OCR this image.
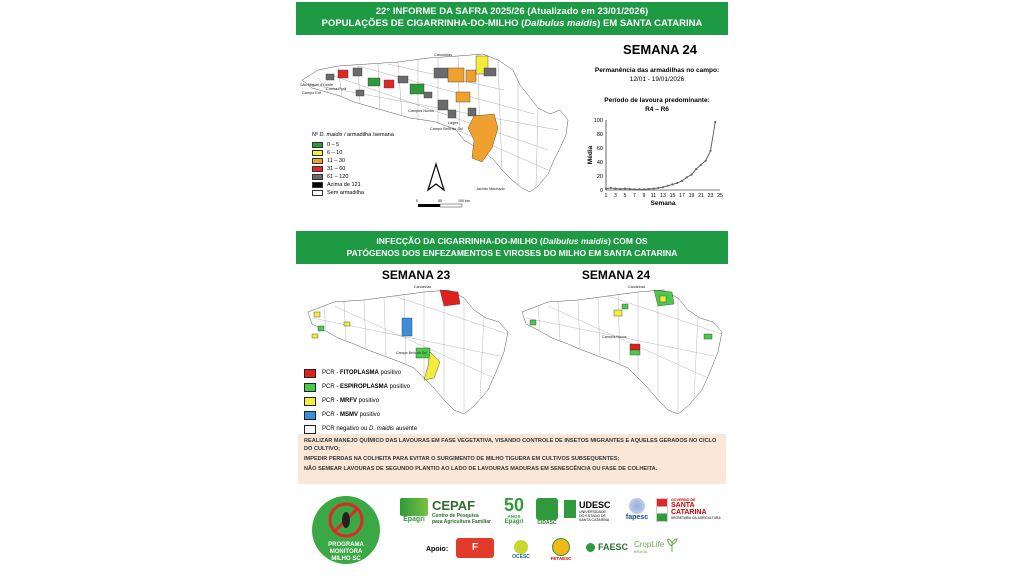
22° INFORME DA SAFRA 2025/26 (Atualizado em 23/01/2026)
POPULAÇÕES DE CIGARRINHA-DO-MILHO (Dalbulus maidis) EM SANTA CATARINA
Canoinhas
São Miguel d'Oeste
Campo Erê
Cunha Porã
Campos Novos
Campo Belo do Sul
Lages
Jacinto Machado
0	50	100 km
Nº D. maidis / armadilha /semana
0 – 5
6 – 10
11 – 30
31 – 60
61 – 120
Acima de 121
Sem armadilha
SEMANA 24
Permanência das armadilhas no campo:
12/01 - 19/01/2026
Período de lavoura predominante:
R4 – R6
0
20
40
60
80
100
1 3 5 7 9 11 13 15 17 19 21 23 25
Semana
Média
INFECÇÃO DA CIGARRINHA-DO-MILHO (Dalbulus maidis) COM OS
PATÓGENOS DOS ENFEZAMENTOS E VIROSES DO MILHO EM SANTA CATARINA
SEMANA 23	SEMANA 24
Canoinhas
Campo Belo do Sul
Canoinhas
Campos Novos
PCR - FITOPLASMA positivo
PCR - ESPIROPLASMA positivo
PCR - MRFV positivo
PCR - MSMV positivo
PCR negativo ou D. maidis ausente

REALIZAR MANEJO QUÍMICO DAS LAVOURAS EM FASE VEGETATIVA, VISANDO CONTROLE DE INSETOS MIGRANTES E AQUELES GERADOS NO CICLO DO CULTIVO;

IMPEDIR PERDAS NA COLHEITA PARA EVITAR O SURGIMENTO DE MILHO TIGUERA EM CULTIVOS SUBSEQUENTES;

NÃO SEMEAR LAVOURAS DE SEGUNDO PLANTIO AO LADO DE LAVOURAS MADURAS EM SENESCÊNCIA OU FASE DE COLHEITA.

PROGRAMA
MONITORA
MILHO SC
Epagri
CEPAF
Centro de Pesquisa
para Agricultura Familiar
50
ANOS
Epagri	CIDASC
UDESC
UNIVERSIDADE
DO ESTADO DE
SANTA CATARINA	fapesc
GOVERNO DE
SANTA
CATARINA
SECRETARIA DA AGRICULTURA
Apoio:	F
OCESC	FETAESC
FAESC CropLife
BRASIL
